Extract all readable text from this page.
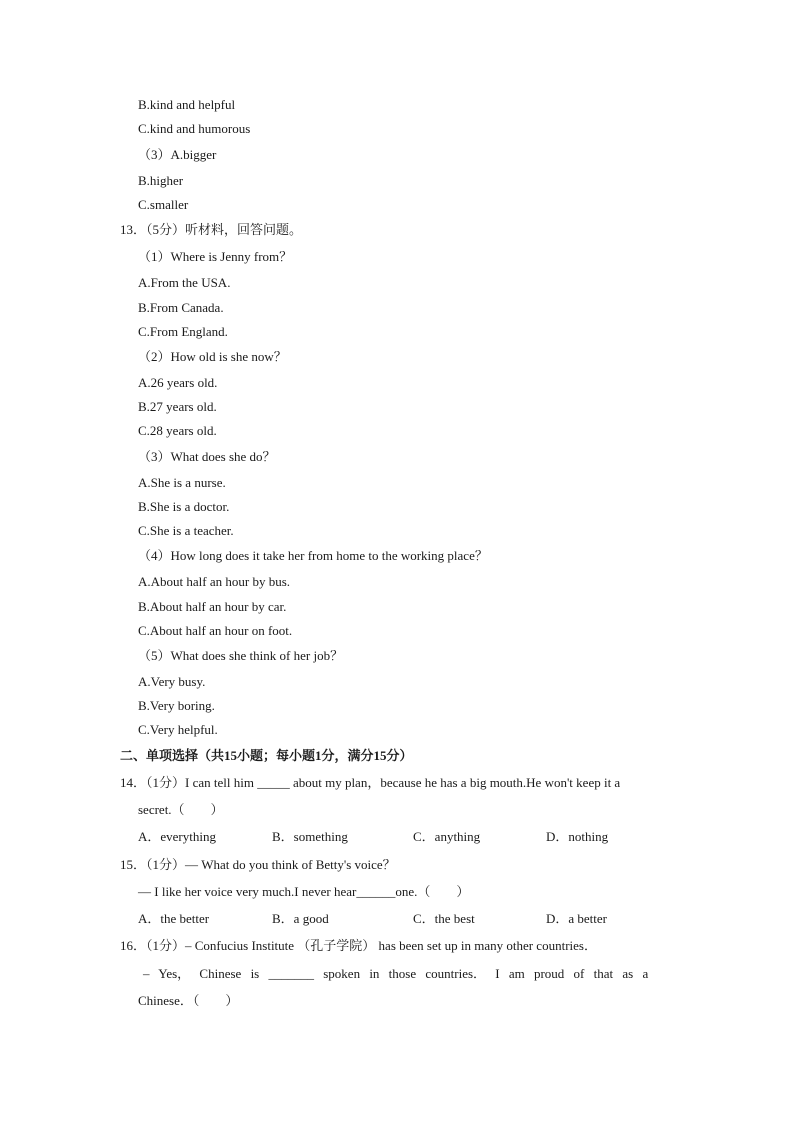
B.kind and helpful
C.kind and humorous
（3）A.bigger
B.higher
C.smaller
13．（5分）听材料，回答问题。
（1）Where is Jenny from？
A.From the USA.
B.From Canada.
C.From England.
（2）How old is she now？
A.26 years old.
B.27 years old.
C.28 years old.
（3）What does she do？
A.She is a nurse.
B.She is a doctor.
C.She is a teacher.
（4）How long does it take her from home to the working place？
A.About half an hour by bus.
B.About half an hour by car.
C.About half an hour on foot.
（5）What does she think of her job？
A.Very busy.
B.Very boring.
C.Very helpful.
二、单项选择（共15小题；每小题1分，满分15分）
14．（1分）I can tell him _____ about my plan，because he has a big mouth.He won't keep it a
secret.（　　）
A．everything	B．something	C．anything	D．nothing
15．（1分）— What do you think of Betty's voice？
— I like her voice very much.I never hear______one.（　　）
A．the better	B．a good	C．the best	D．a better
16．（1分）– Confucius Institute （孔子学院） has been set up in many other countries．
– Yes， Chinese is _______ spoken in those countries． I am proud of that as a
Chinese．（　　）
